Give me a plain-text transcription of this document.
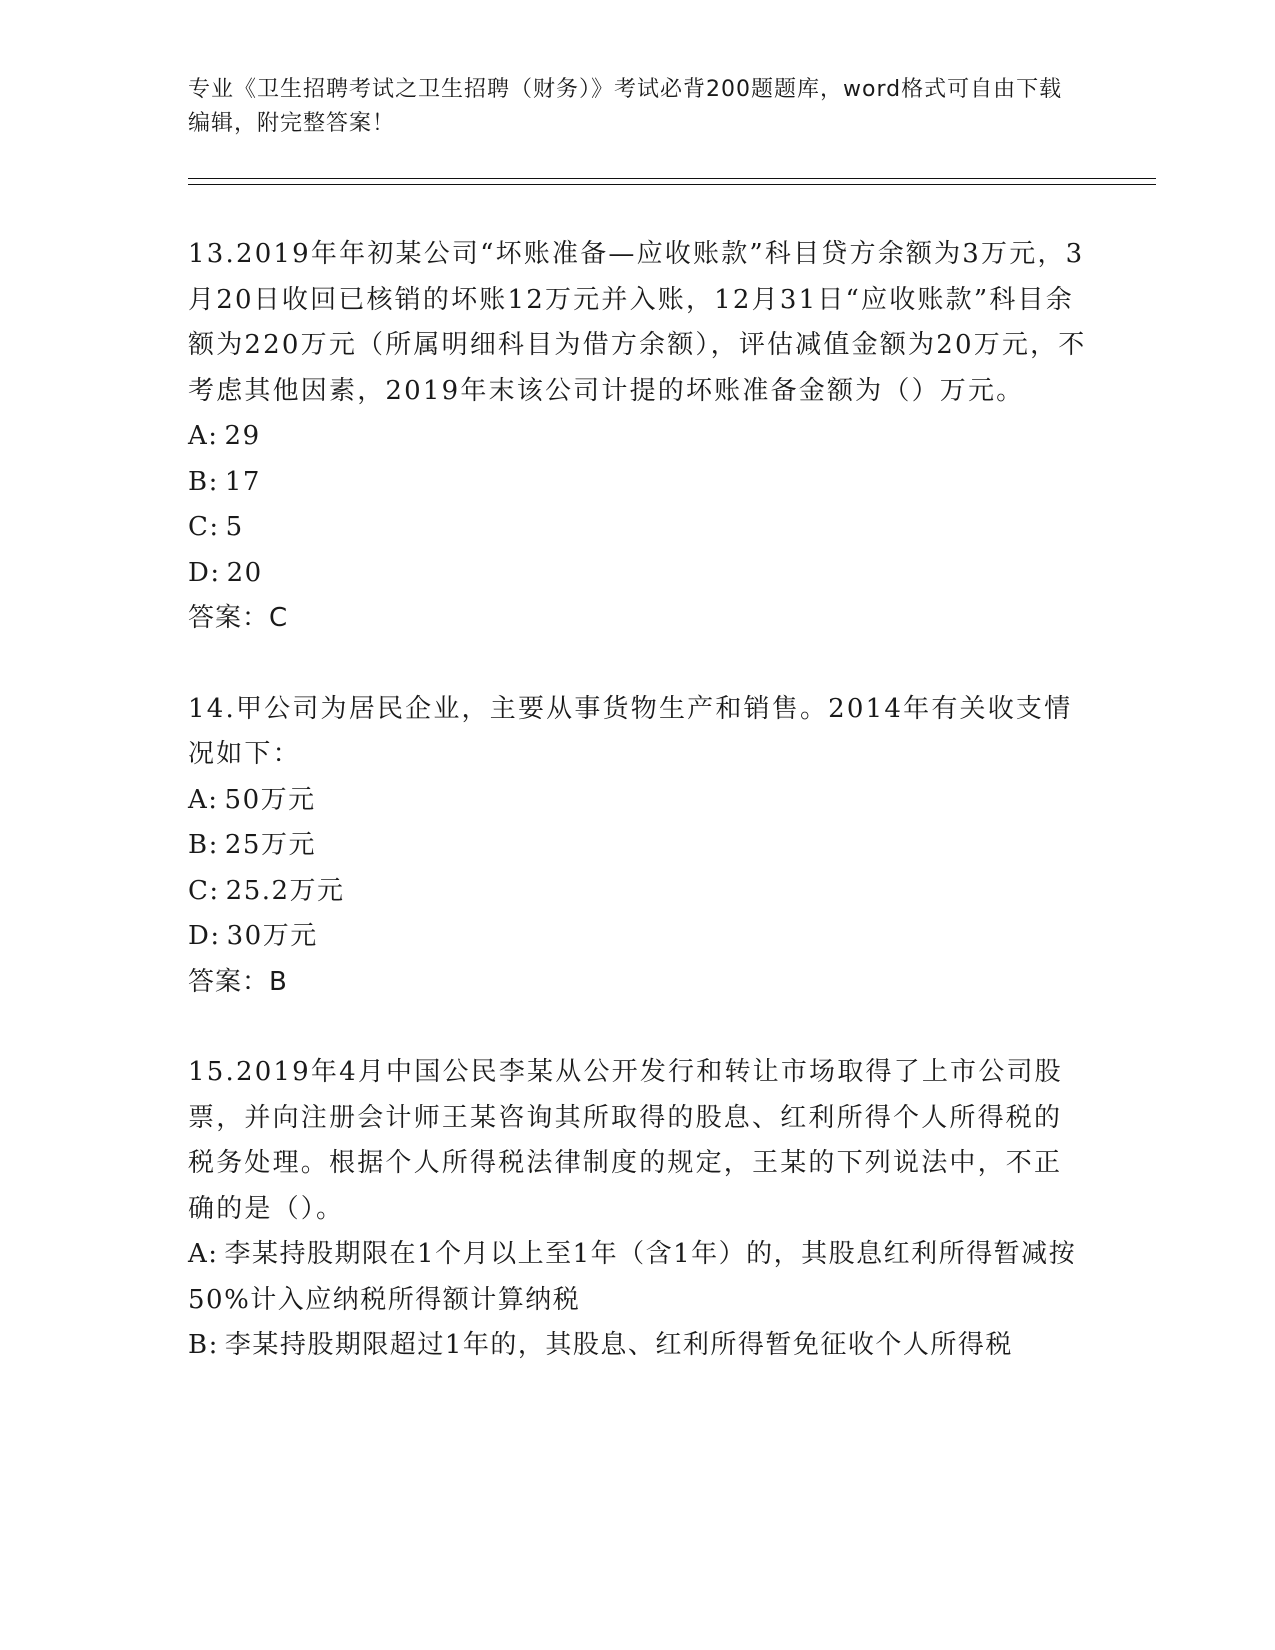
专业《卫生招聘考试之卫生招聘（财务）》考试必背200题题库，word格式可自由下载编辑，附完整答案！

13.2019年年初某公司“坏账准备—应收账款”科目贷方余额为3万元，3月20日收回已核销的坏账12万元并入账，12月31日“应收账款”科目余额为220万元（所属明细科目为借方余额），评估减值金额为20万元，不考虑其他因素，2019年末该公司计提的坏账准备金额为（）万元。

A: 29

B: 17

C: 5

D: 20

答案：C

14.甲公司为居民企业，主要从事货物生产和销售。2014年有关收支情况如下：

A: 50万元

B: 25万元

C: 25.2万元

D: 30万元

答案：B

15.2019年4月中国公民李某从公开发行和转让市场取得了上市公司股票，并向注册会计师王某咨询其所取得的股息、红利所得个人所得税的税务处理。根据个人所得税法律制度的规定，王某的下列说法中，不正确的是（）。

A: 李某持股期限在1个月以上至1年（含1年）的，其股息红利所得暂减按50%计入应纳税所得额计算纳税

B: 李某持股期限超过1年的，其股息、红利所得暂免征收个人所得税
